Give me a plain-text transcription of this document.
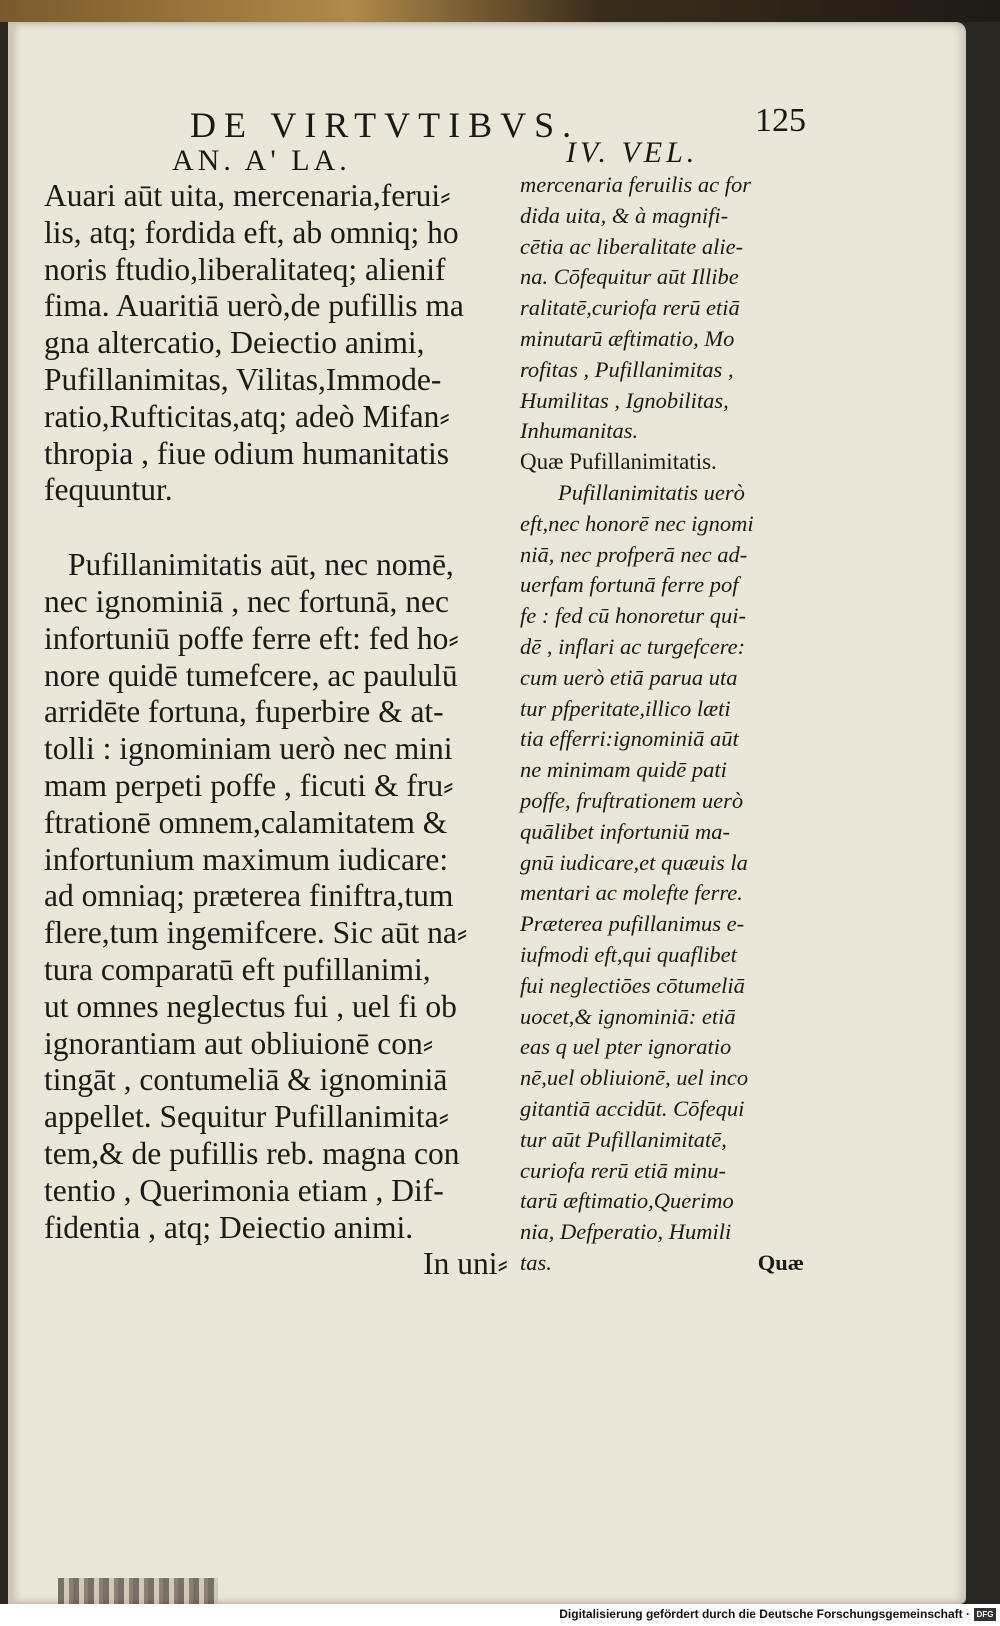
DE VIRTVTIBVS.	125
AN. A' LA.	IV. VEL.
Auari aūt uita, mercenaria,ferui⸗
lis, atq; fordida eft, ab omniq; ho
noris ftudio,liberalitateq; alienif
fima. Auaritiā uerò,de pufillis ma
gna altercatio, Deiectio animi,
Pufillanimitas, Vilitas,Immode-
ratio,Rufticitas,atq; adeò Mifan⸗
thropia , fiue odium humanitatis
fequuntur.
Pufillanimitatis aūt, nec nomē,
nec ignominiā , nec fortunā, nec
infortuniū poffe ferre eft: fed ho⸗
nore quidē tumefcere, ac paululū
arridēte fortuna, fuperbire & at-
tolli : ignominiam uerò nec mini
mam perpeti poffe , ficuti & fru⸗
ftrationē omnem,calamitatem &
infortunium maximum iudicare:
ad omniaq; prӕterea finiftra,tum
flere,tum ingemifcere. Sic aūt na⸗
tura comparatū eft pufillanimi,
ut omnes neglectus fui , uel fi ob
ignorantiam aut obliuionē con⸗
tingāt , contumeliā & ignominiā
appellet. Sequitur Pufillanimita⸗
tem,& de pufillis reb. magna con
tentio , Querimonia etiam , Dif-
fidentia , atq; Deiectio animi.
In uni⸗
mercenaria feruilis ac for
dida uita, & à magnifi-
cētia ac liberalitate alie-
na. Cōfequitur aūt Illibe
ralitatē,curiofa rerū etiā
minutarū ӕftimatio, Mo
rofitas , Pufillanimitas ,
Humilitas , Ignobilitas,
Inhumanitas.
Quӕ Pufillanimitatis.
Pufillanimitatis uerò
eft,nec honorē nec ignomi
niā, nec profperā nec ad-
uerfam fortunā ferre pof
fe : fed cū honoretur qui-
dē , inflari ac turgefcere:
cum uerò etiā parua uta
tur pfperitate,illico lӕti
tia efferri:ignominiā aūt
ne minimam quidē pati
poffe, fruftrationem uerò
quālibet infortuniū ma-
gnū iudicare,et quӕuis la
mentari ac molefte ferre.
Prӕterea pufillanimus e-
iufmodi eft,qui quaflibet
fui neglectiōes cōtumeliā
uocet,& ignominiā: etiā
eas q uel pter ignoratio
nē,uel obliuionē, uel inco
gitantiā accidūt. Cōfequi
tur aūt Pufillanimitatē,
curiofa rerū etiā minu-
tarū ӕftimatio,Querimo
nia, Defperatio, Humili
tas.	Quӕ
Digitalisierung gefördert durch die Deutsche Forschungsgemeinschaft · DFG
